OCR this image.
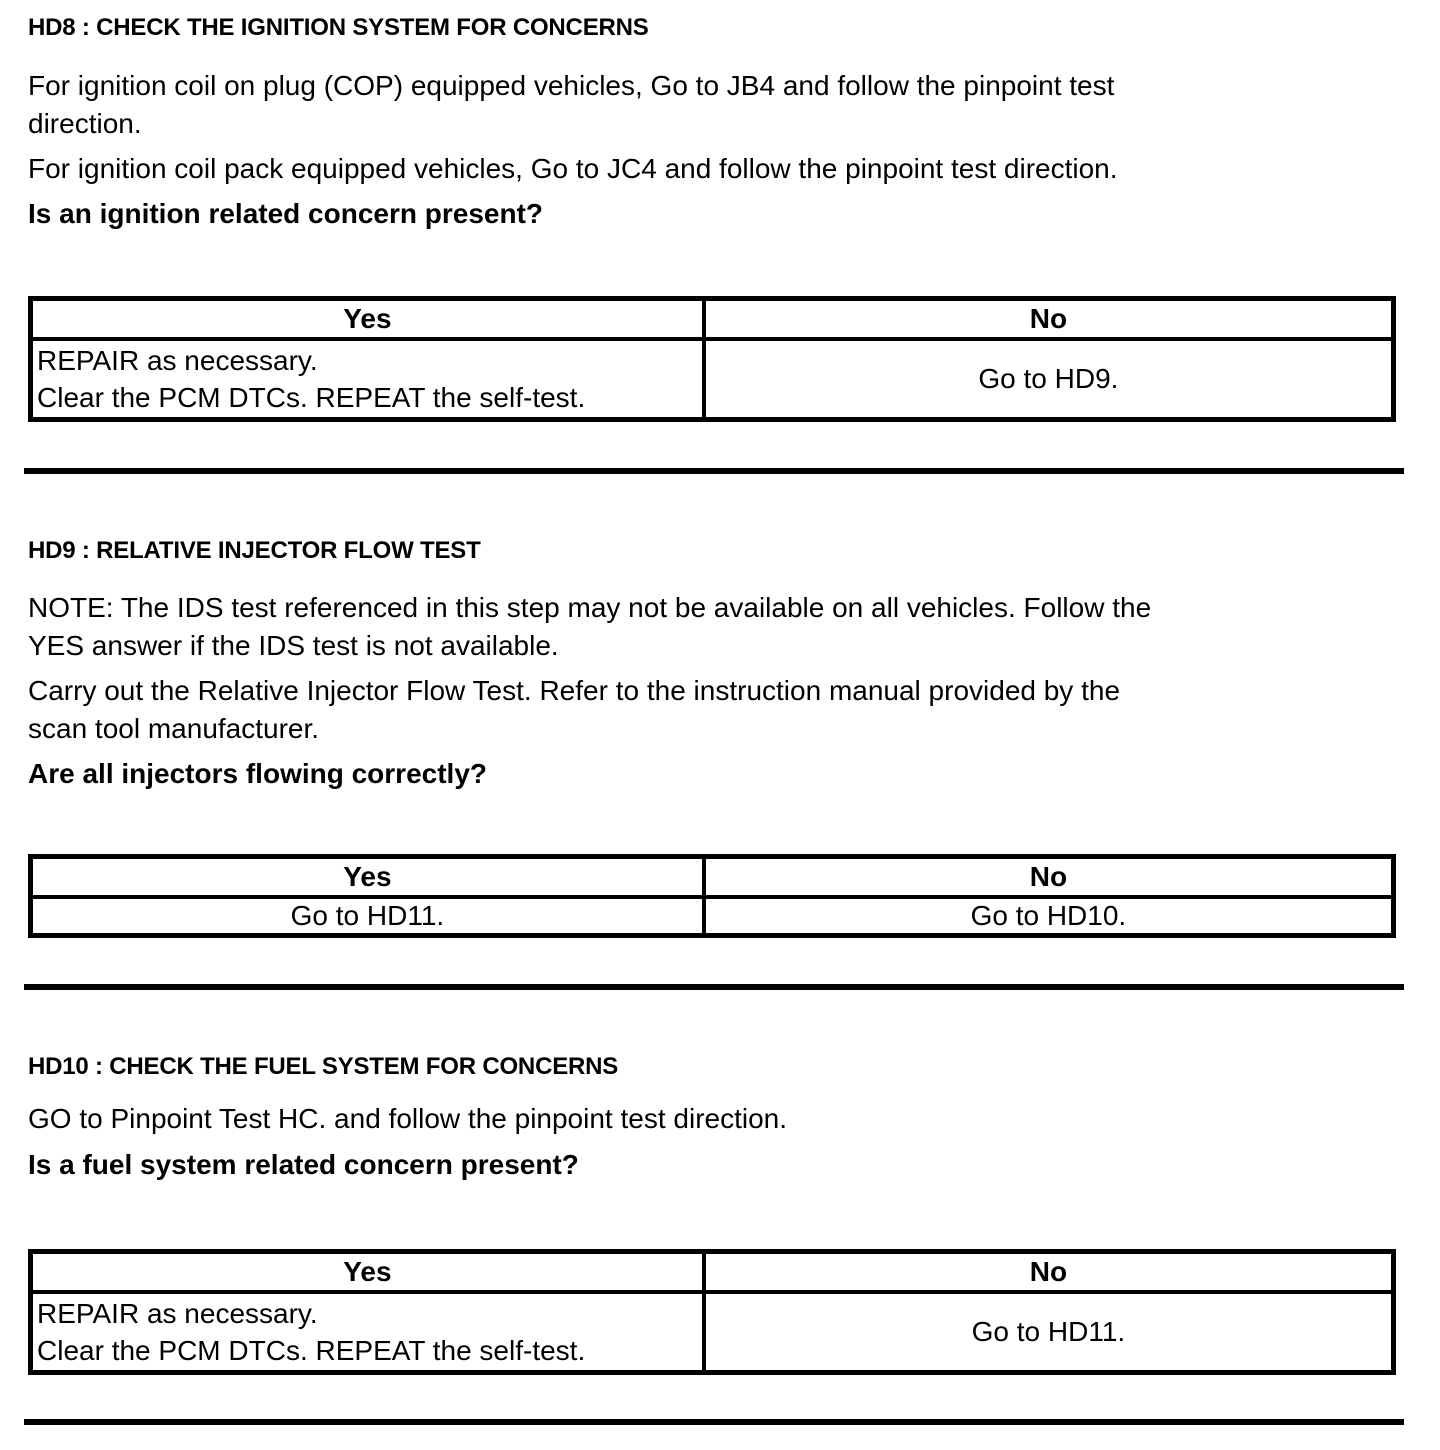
HD8 : CHECK THE IGNITION SYSTEM FOR CONCERNS
For ignition coil on plug (COP) equipped vehicles, Go to JB4 and follow the pinpoint test
direction.
For ignition coil pack equipped vehicles, Go to JC4 and follow the pinpoint test direction.
Is an ignition related concern present?
Yes	No

REPAIR as necessary.
Clear the PCM DTCs. REPEAT the self-test.	Go to HD9.
HD9 : RELATIVE INJECTOR FLOW TEST
NOTE: The IDS test referenced in this step may not be available on all vehicles. Follow the
YES answer if the IDS test is not available.
Carry out the Relative Injector Flow Test. Refer to the instruction manual provided by the
scan tool manufacturer.
Are all injectors flowing correctly?
Yes	No
Go to HD11.	Go to HD10.
HD10 : CHECK THE FUEL SYSTEM FOR CONCERNS
GO to Pinpoint Test HC. and follow the pinpoint test direction.
Is a fuel system related concern present?
Yes	No

REPAIR as necessary.
Clear the PCM DTCs. REPEAT the self-test.	Go to HD11.
